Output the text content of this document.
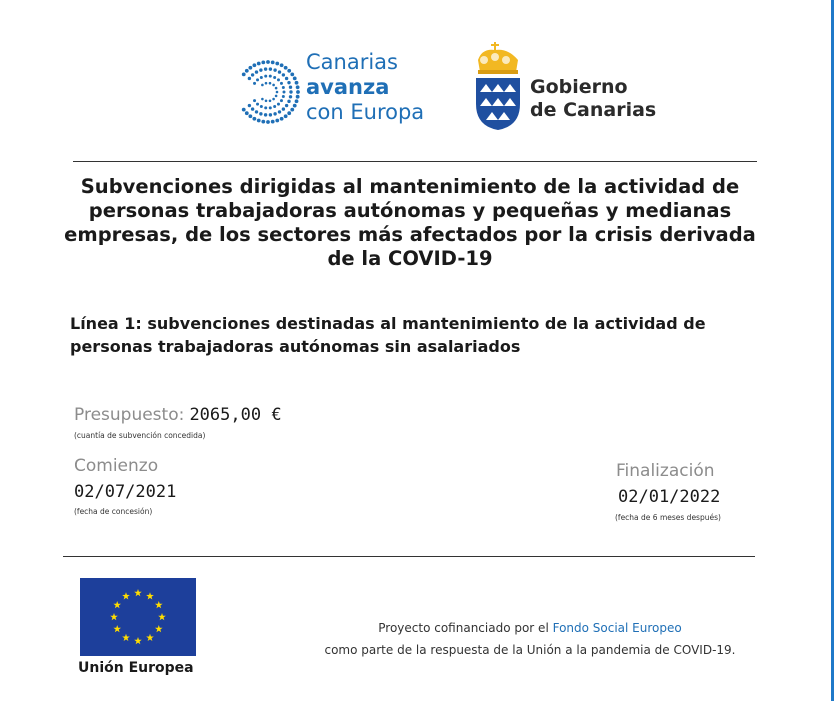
Canarias
avanza
con Europa
Gobierno
de Canarias
Subvenciones dirigidas al mantenimiento de la actividad de personas trabajadoras autónomas y pequeñas y medianas empresas, de los sectores más afectados por la crisis derivada de la COVID-19
Línea 1: subvenciones destinadas al mantenimiento de la actividad de personas trabajadoras autónomas sin asalariados
Presupuesto: 2065,00 €
(cuantía de subvención concedida)
Comienzo
02/07/2021
(fecha de concesión)
Finalización
02/01/2022
(fecha de 6 meses después)
Unión Europea
Proyecto cofinanciado por el Fondo Social Europeo
como parte de la respuesta de la Unión a la pandemia de COVID-19.
